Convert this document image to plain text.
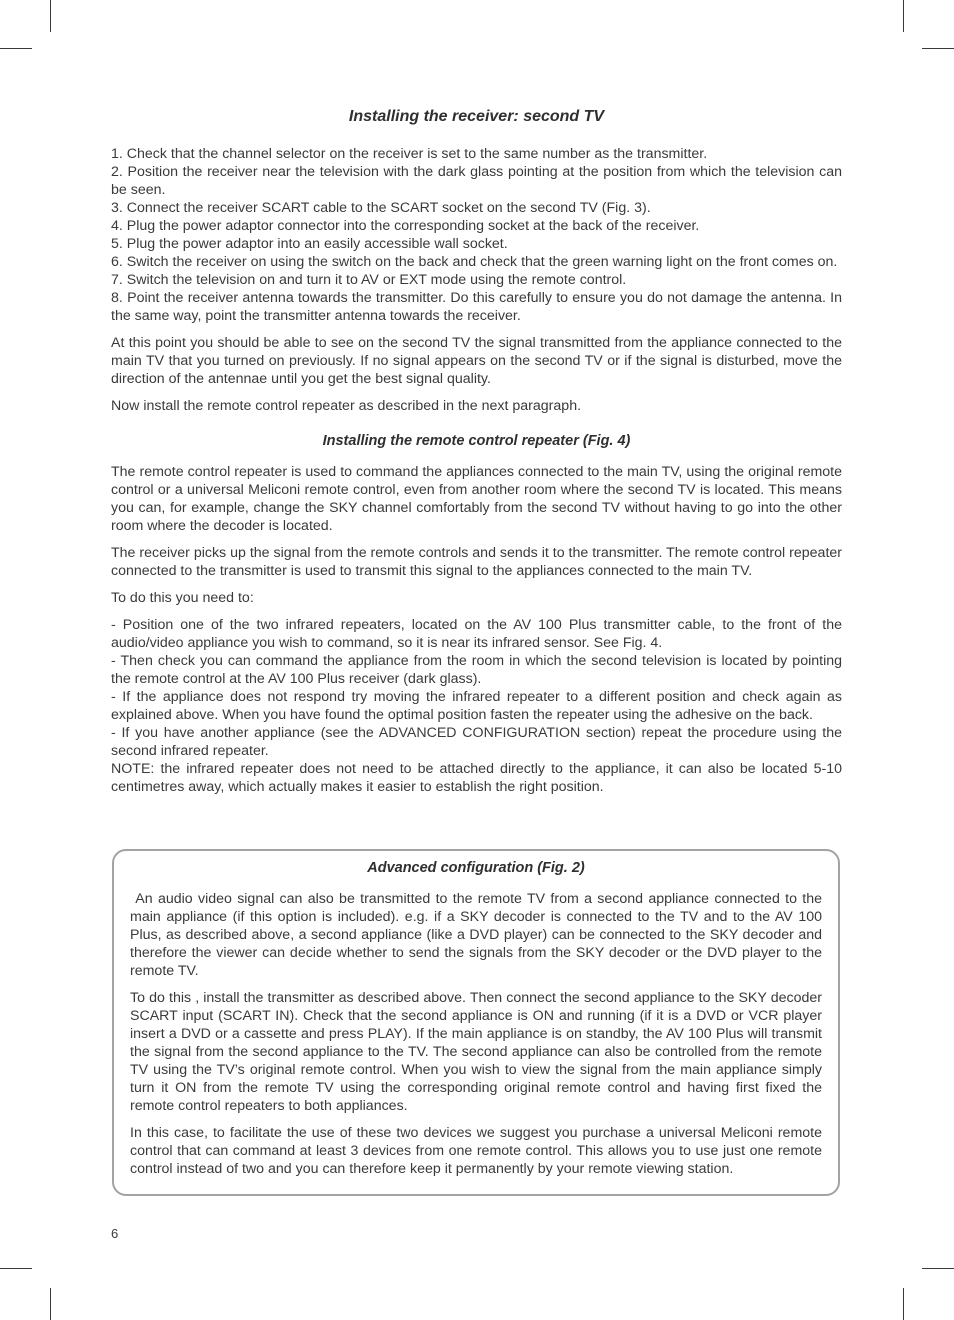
Installing the receiver: second TV

1. Check that the channel selector on the receiver is set to the same number as the transmitter.

2. Position the receiver near the television with the dark glass pointing at the position from which the television can be seen.

3. Connect the receiver SCART cable to the SCART socket on the second TV (Fig. 3).

4. Plug the power adaptor connector into the corresponding socket at the back of the receiver.

5. Plug the power adaptor into an easily accessible wall socket.

6. Switch the receiver on using the switch on the back and check that the green warning light on the front comes on.

7. Switch the television on and turn it to AV or EXT mode using the remote control.

8. Point the receiver antenna towards the transmitter. Do this carefully to ensure you do not damage the antenna. In the same way, point the transmitter antenna towards the receiver.

At this point you should be able to see on the second TV the signal transmitted from the appliance connected to the main TV that you turned on previously. If no signal appears on the second TV or if the signal is disturbed, move the direction of the antennae until you get the best signal quality.

Now install the remote control repeater as described in the next paragraph.

Installing the remote control repeater (Fig. 4)

The remote control repeater is used to command the appliances connected to the main TV, using the original remote control or a universal Meliconi remote control, even from another room where the second TV is located. This means you can, for example, change the SKY channel comfortably from the second TV without having to go into the other room where the decoder is located.

The receiver picks up the signal from the remote controls and sends it to the transmitter. The remote control repeater connected to the transmitter is used to transmit this signal to the appliances connected to the main TV.

To do this you need to:

- Position one of the two infrared repeaters, located on the AV 100 Plus transmitter cable, to the front of the audio/video appliance you wish to command, so it is near its infrared sensor. See Fig. 4.

- Then check you can command the appliance from the room in which the second television is located by pointing the remote control at the AV 100 Plus receiver (dark glass).

- If the appliance does not respond try moving the infrared repeater to a different position and check again as explained above. When you have found the optimal position fasten the repeater using the adhesive on the back.

- If you have another appliance (see the ADVANCED CONFIGURATION section) repeat the procedure using the second infrared repeater.

NOTE: the infrared repeater does not need to be attached directly to the appliance, it can also be located 5-10 centimetres away, which actually makes it easier to establish the right position.

Advanced configuration (Fig. 2)

An audio video signal can also be transmitted to the remote TV from a second appliance connected to the main appliance (if this option is included). e.g. if a SKY decoder is connected to the TV and to the AV 100 Plus, as described above, a second appliance (like a DVD player) can be connected to the SKY decoder and therefore the viewer can decide whether to send the signals from the SKY decoder or the DVD player to the remote TV.

To do this , install the transmitter as described above. Then connect the second appliance to the SKY decoder SCART input (SCART IN). Check that the second appliance is ON and running (if it is a DVD or VCR player insert a DVD or a cassette and press PLAY). If the main appliance is on standby, the AV 100 Plus will transmit the signal from the second appliance to the TV. The second appliance can also be controlled from the remote TV using the TV’s original remote control. When you wish to view the signal from the main appliance simply turn it ON from the remote TV using the corresponding original remote control and having first fixed the remote control repeaters to both appliances.

In this case, to facilitate the use of these two devices we suggest you purchase a universal Meliconi remote control that can command at least 3 devices from one remote control. This allows you to use just one remote control instead of two and you can therefore keep it permanently by your remote viewing station.

6
